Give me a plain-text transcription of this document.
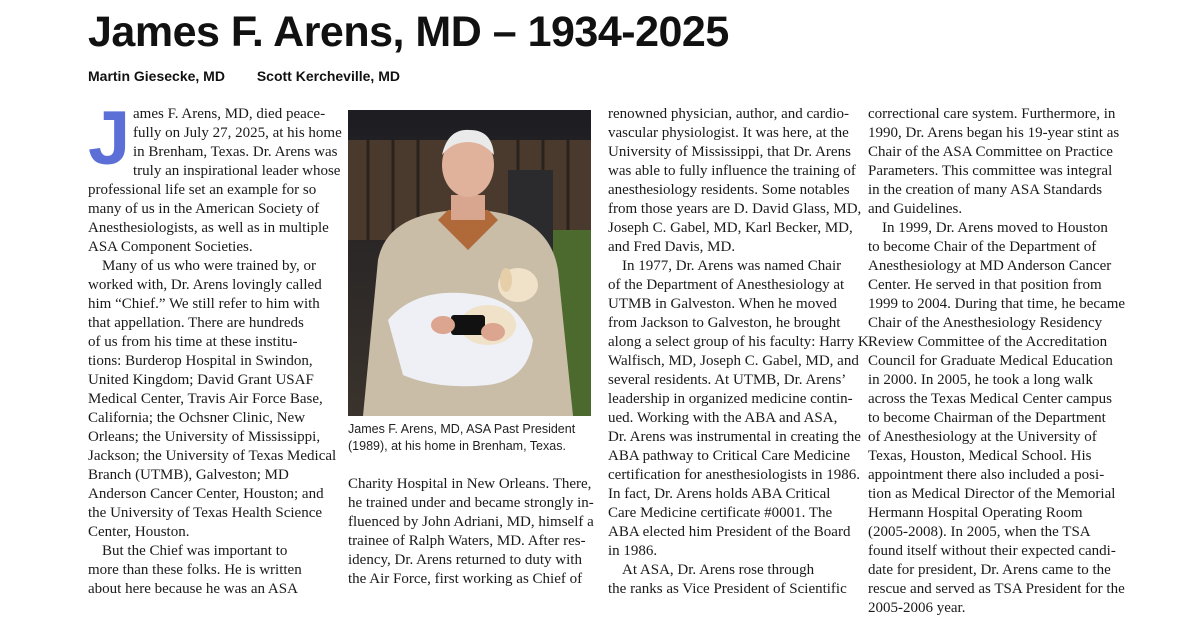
James F. Arens, MD – 1934-2025
Martin Giesecke, MD Scott Kercheville, MD
J
James F. Arens, MD, ASA Past President
(1989), at his home in Brenham, Texas.
ames F. Arens, MD, died peace-
fully on July 27, 2025, at his home
in Brenham, Texas. Dr. Arens was
truly an inspirational leader whose
professional life set an example for so
many of us in the American Society of
Anesthesiologists, as well as in multiple
ASA Component Societies.
Many of us who were trained by, or
worked with, Dr. Arens lovingly called
him “Chief.” We still refer to him with
that appellation. There are hundreds
of us from his time at these institu-
tions: Burderop Hospital in Swindon,
United Kingdom; David Grant USAF
Medical Center, Travis Air Force Base,
California; the Ochsner Clinic, New
Orleans; the University of Mississippi,
Jackson; the University of Texas Medical
Branch (UTMB), Galveston; MD
Anderson Cancer Center, Houston; and
the University of Texas Health Science
Center, Houston.
But the Chief was important to
more than these folks. He is written
about here because he was an ASA
Charity Hospital in New Orleans. There,
he trained under and became strongly in-
fluenced by John Adriani, MD, himself a
trainee of Ralph Waters, MD. After res-
idency, Dr. Arens returned to duty with
the Air Force, first working as Chief of
renowned physician, author, and cardio-
vascular physiologist. It was here, at the
University of Mississippi, that Dr. Arens
was able to fully influence the training of
anesthesiology residents. Some notables
from those years are D. David Glass, MD,
Joseph C. Gabel, MD, Karl Becker, MD,
and Fred Davis, MD.
In 1977, Dr. Arens was named Chair
of the Department of Anesthesiology at
UTMB in Galveston. When he moved
from Jackson to Galveston, he brought
along a select group of his faculty: Harry K.
Walfisch, MD, Joseph C. Gabel, MD, and
several residents. At UTMB, Dr. Arens’
leadership in organized medicine contin-
ued. Working with the ABA and ASA,
Dr. Arens was instrumental in creating the
ABA pathway to Critical Care Medicine
certification for anesthesiologists in 1986.
In fact, Dr. Arens holds ABA Critical
Care Medicine certificate #0001. The
ABA elected him President of the Board
in 1986.
At ASA, Dr. Arens rose through
the ranks as Vice President of Scientific
correctional care system. Furthermore, in
1990, Dr. Arens began his 19-year stint as
Chair of the ASA Committee on Practice
Parameters. This committee was integral
in the creation of many ASA Standards
and Guidelines.
In 1999, Dr. Arens moved to Houston
to become Chair of the Department of
Anesthesiology at MD Anderson Cancer
Center. He served in that position from
1999 to 2004. During that time, he became
Chair of the Anesthesiology Residency
Review Committee of the Accreditation
Council for Graduate Medical Education
in 2000. In 2005, he took a long walk
across the Texas Medical Center campus
to become Chairman of the Department
of Anesthesiology at the University of
Texas, Houston, Medical School. His
appointment there also included a posi-
tion as Medical Director of the Memorial
Hermann Hospital Operating Room
(2005-2008). In 2005, when the TSA
found itself without their expected candi-
date for president, Dr. Arens came to the
rescue and served as TSA President for the
2005-2006 year.
